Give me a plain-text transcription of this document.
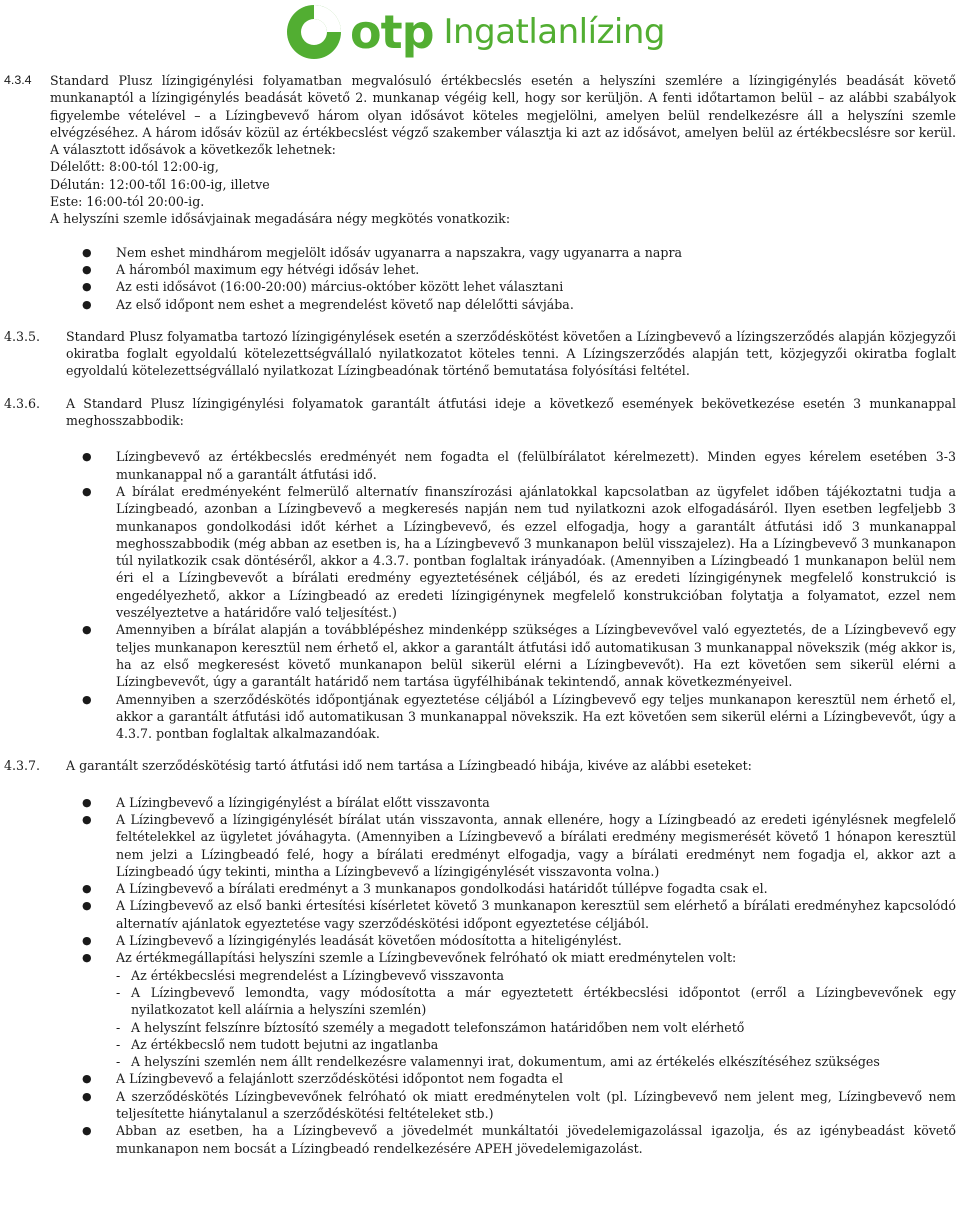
otp Ingatlanlízing
4.3.4 Standard Plusz lízingigénylési folyamatban megvalósuló értékbecslés esetén a helyszíni szemlére a lízingigénylés beadását követő munkanaptól a lízingigénylés beadását követő 2. munkanap végéig kell, hogy sor kerüljön. A fenti időtartamon belül – az alábbi szabályok figyelembe vételével – a Lízingbevevő három olyan idősávot köteles megjelölni, amelyen belül rendelkezésre áll a helyszíni szemle elvégzéséhez. A három idősáv közül az értékbecslést végző szakember választja ki azt az idősávot, amelyen belül az értékbecslésre sor kerül. A választott idősávok a következők lehetnek:
Délelőtt: 8:00-tól 12:00-ig,
Délután: 12:00-től 16:00-ig, illetve
Este: 16:00-tól 20:00-ig.
A helyszíni szemle idősávjainak megadására négy megkötés vonatkozik:
● Nem eshet mindhárom megjelölt idősáv ugyanarra a napszakra, vagy ugyanarra a napra
● A háromból maximum egy hétvégi idősáv lehet.
● Az esti idősávot (16:00-20:00) március-október között lehet választani
● Az első időpont nem eshet a megrendelést követő nap délelőtti sávjába.
4.3.5. Standard Plusz folyamatba tartozó lízingigénylések esetén a szerződéskötést követően a Lízingbevevő a lízingszerződés alapján közjegyzői okiratba foglalt egyoldalú kötelezettségvállaló nyilatkozatot köteles tenni. A Lízingszerződés alapján tett, közjegyzői okiratba foglalt egyoldalú kötelezettségvállaló nyilatkozat Lízingbeadónak történő bemutatása folyósítási feltétel.
4.3.6. A Standard Plusz lízingigénylési folyamatok garantált átfutási ideje a következő események bekövetkezése esetén 3 munkanappal meghosszabbodik:
● Lízingbevevő az értékbecslés eredményét nem fogadta el (felülbírálatot kérelmezett). Minden egyes kérelem esetében 3-3 munkanappal nő a garantált átfutási idő.
● A bírálat eredményeként felmerülő alternatív finanszírozási ajánlatokkal kapcsolatban az ügyfelet időben tájékoztatni tudja a Lízingbeadó, azonban a Lízingbevevő a megkeresés napján nem tud nyilatkozni azok elfogadásáról. Ilyen esetben legfeljebb 3 munkanapos gondolkodási időt kérhet a Lízingbevevő, és ezzel elfogadja, hogy a garantált átfutási idő 3 munkanappal meghosszabbodik (még abban az esetben is, ha a Lízingbevevő 3 munkanapon belül visszajelez). Ha a Lízingbevevő 3 munkanapon túl nyilatkozik csak döntéséről, akkor a 4.3.7. pontban foglaltak irányadóak. (Amennyiben a Lízingbeadó 1 munkanapon belül nem éri el a Lízingbevevőt a bírálati eredmény egyeztetésének céljából, és az eredeti lízingigénynek megfelelő konstrukció is engedélyezhető, akkor a Lízingbeadó az eredeti lízingigénynek megfelelő konstrukcióban folytatja a folyamatot, ezzel nem veszélyeztetve a határidőre való teljesítést.)
● Amennyiben a bírálat alapján a továbblépéshez mindenképp szükséges a Lízingbevevővel való egyeztetés, de a Lízingbevevő egy teljes munkanapon keresztül nem érhető el, akkor a garantált átfutási idő automatikusan 3 munkanappal növekszik (még akkor is, ha az első megkeresést követő munkanapon belül sikerül elérni a Lízingbevevőt). Ha ezt követően sem sikerül elérni a Lízingbevevőt, úgy a garantált határidő nem tartása ügyfélhibának tekintendő, annak következményeivel.
● Amennyiben a szerződéskötés időpontjának egyeztetése céljából a Lízingbevevő egy teljes munkanapon keresztül nem érhető el, akkor a garantált átfutási idő automatikusan 3 munkanappal növekszik. Ha ezt követően sem sikerül elérni a Lízingbevevőt, úgy a 4.3.7. pontban foglaltak alkalmazandóak.
4.3.7. A garantált szerződéskötésig tartó átfutási idő nem tartása a Lízingbeadó hibája, kivéve az alábbi eseteket:
● A Lízingbevevő a lízingigénylést a bírálat előtt visszavonta
● A Lízingbevevő a lízingigénylését bírálat után visszavonta, annak ellenére, hogy a Lízingbeadó az eredeti igénylésnek megfelelő feltételekkel az ügyletet jóváhagyta. (Amennyiben a Lízingbevevő a bírálati eredmény megismerését követő 1 hónapon keresztül nem jelzi a Lízingbeadó felé, hogy a bírálati eredményt elfogadja, vagy a bírálati eredményt nem fogadja el, akkor azt a Lízingbeadó úgy tekinti, mintha a Lízingbevevő a lízingigénylését visszavonta volna.)
● A Lízingbevevő a bírálati eredményt a 3 munkanapos gondolkodási határidőt túllépve fogadta csak el.
● A Lízingbevevő az első banki értesítési kísérletet követő 3 munkanapon keresztül sem elérhető a bírálati eredményhez kapcsolódó alternatív ajánlatok egyeztetése vagy szerződéskötési időpont egyeztetése céljából.
● A Lízingbevevő a lízingigénylés leadását követően módosította a hiteligénylést.
● Az értékmegállapítási helyszíni szemle a Lízingbevevőnek felróható ok miatt eredménytelen volt:
- Az értékbecslési megrendelést a Lízingbevevő visszavonta
- A Lízingbevevő lemondta, vagy módosította a már egyeztetett értékbecslési időpontot (erről a Lízingbevevőnek egy nyilatkozatot kell aláírnia a helyszíni szemlén)
- A helyszínt felszínre bíztosító személy a megadott telefonszámon határidőben nem volt elérhető
- Az értékbecslő nem tudott bejutni az ingatlanba
- A helyszíni szemlén nem állt rendelkezésre valamennyi irat, dokumentum, ami az értékelés elkészítéséhez szükséges
● A Lízingbevevő a felajánlott szerződéskötési időpontot nem fogadta el
● A szerződéskötés Lízingbevevőnek felróható ok miatt eredménytelen volt (pl. Lízingbevevő nem jelent meg, Lízingbevevő nem teljesítette hiánytalanul a szerződéskötési feltételeket stb.)
● Abban az esetben, ha a Lízingbevevő a jövedelmét munkáltatói jövedelemigazolással igazolja, és az igénybeadást követő munkanapon nem bocsát a Lízingbeadó rendelkezésére APEH jövedelemigazolást.
